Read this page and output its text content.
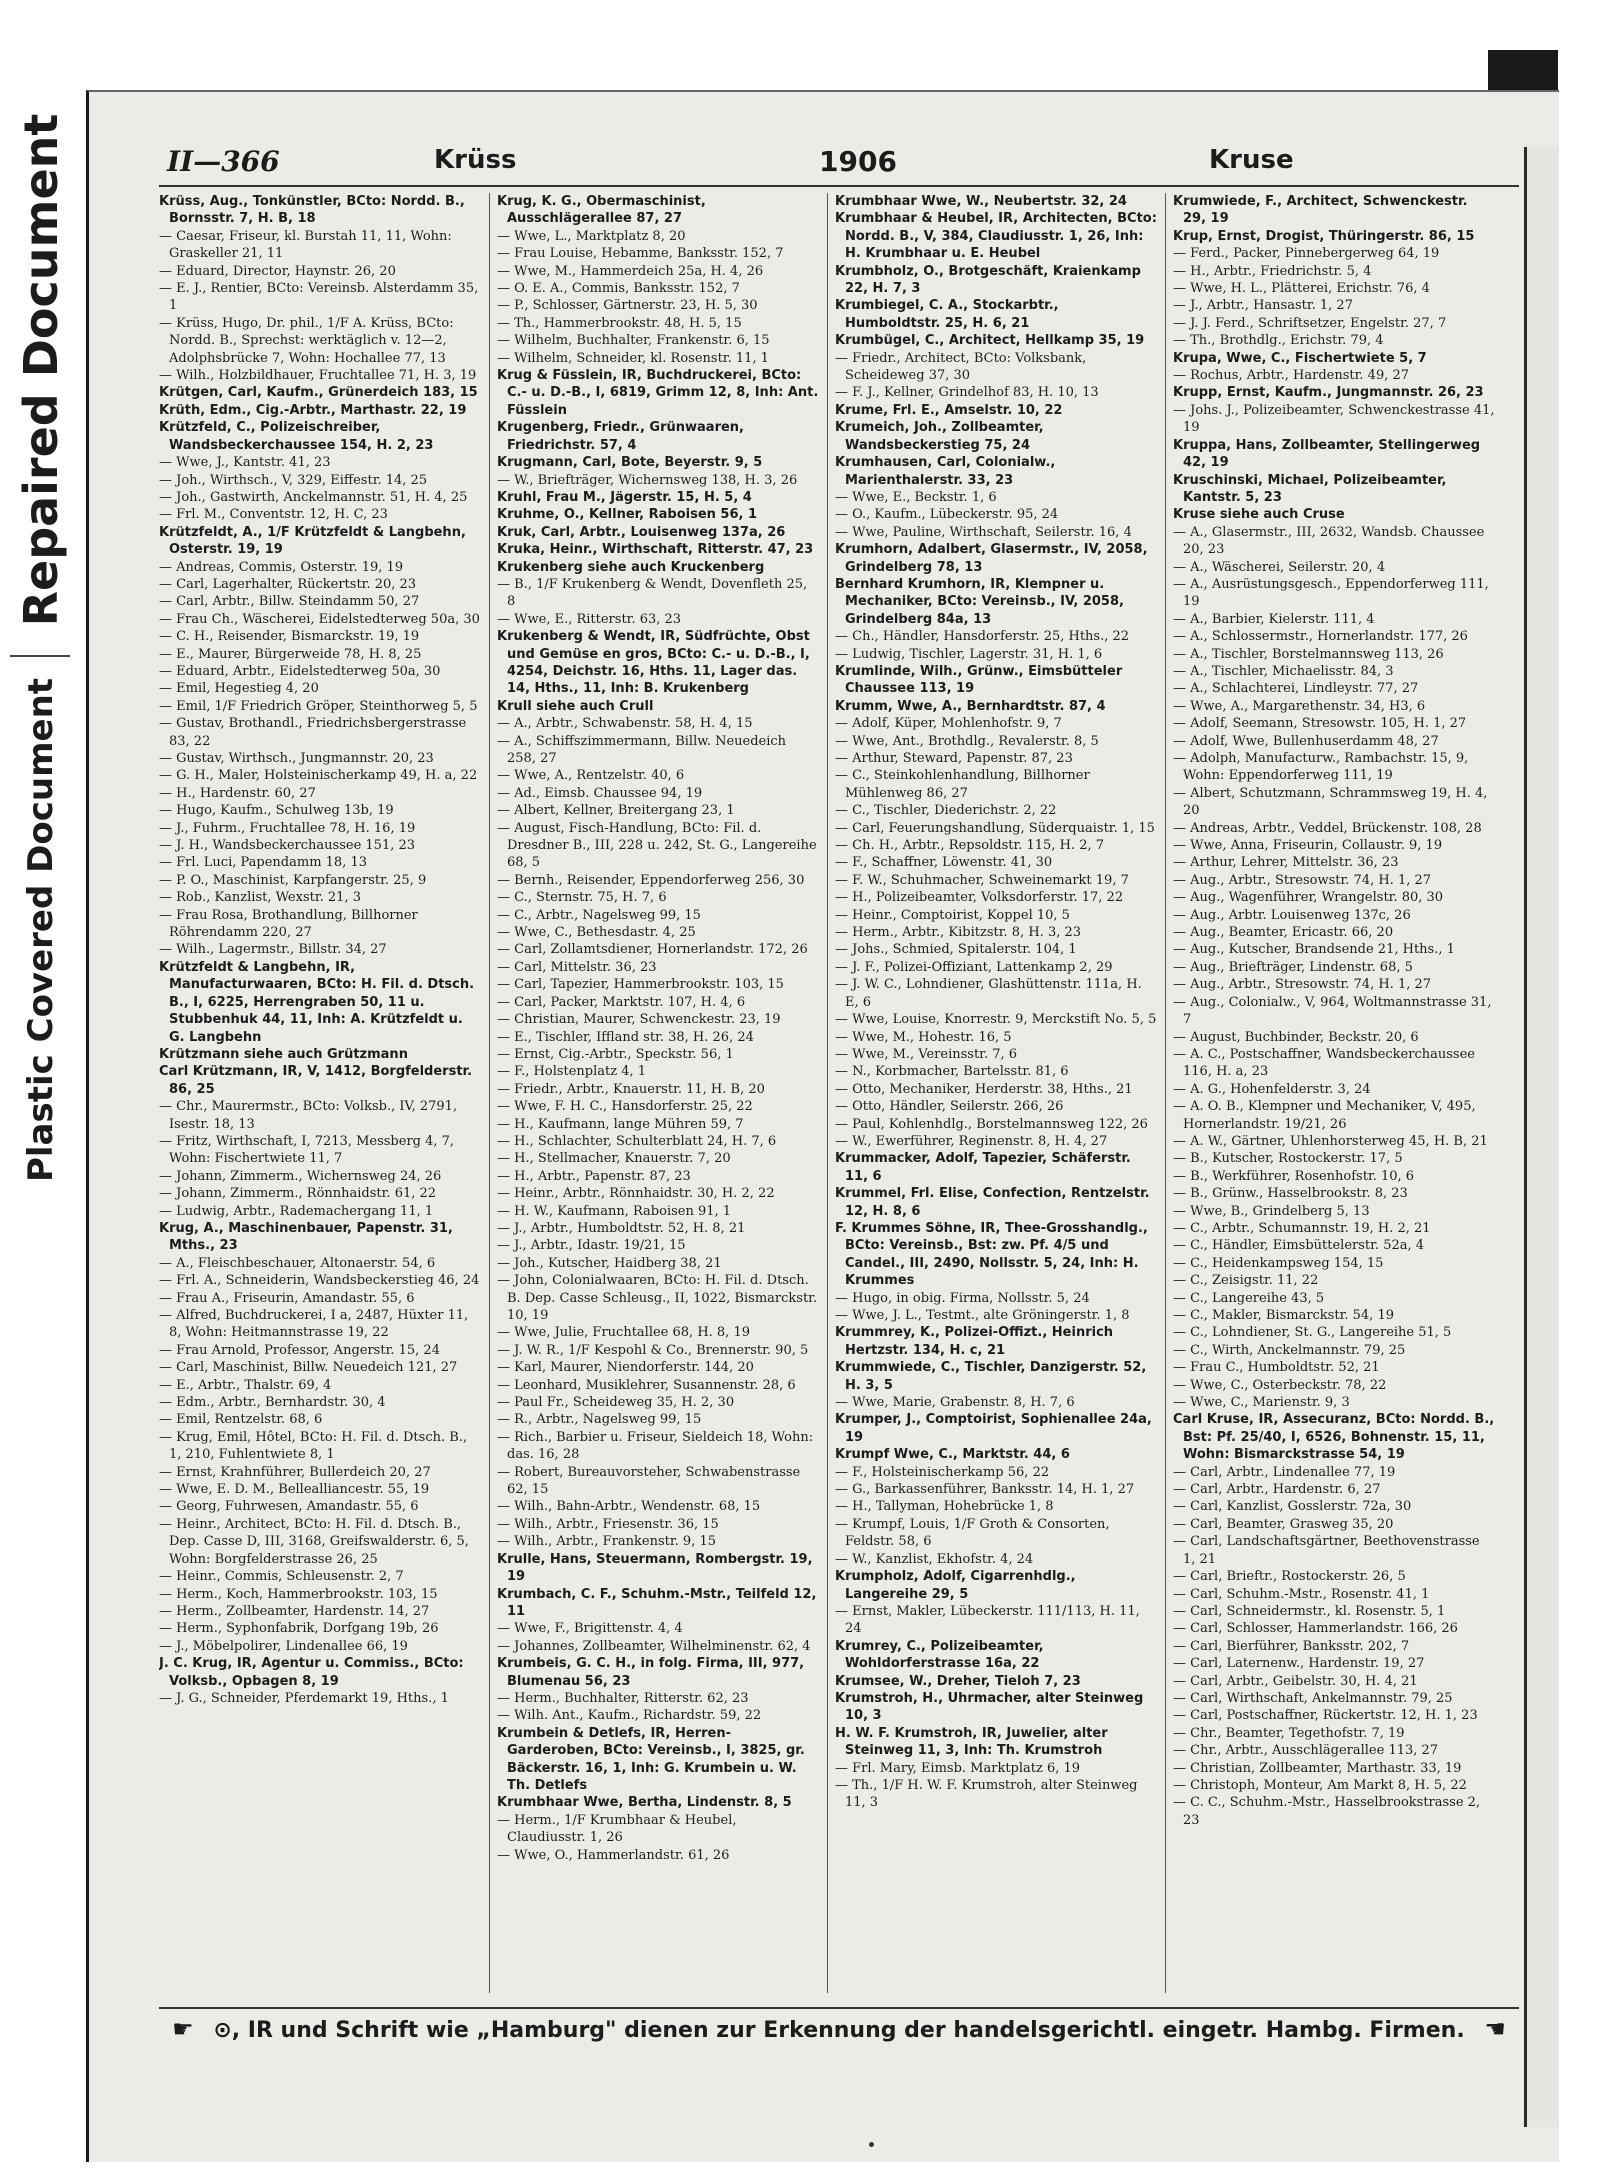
Repaired Document
Plastic Covered Document
II—366	Krüss	1906	Kruse

Krüss, Aug., Tonkünstler, BCto: Nordd. B., Bornsstr. 7, H. B, 18

— Caesar, Friseur, kl. Burstah 11, 11, Wohn: Graskeller 21, 11

— Eduard, Director, Haynstr. 26, 20

— E. J., Rentier, BCto: Vereinsb. Alsterdamm 35, 1

— Krüss, Hugo, Dr. phil., 1/F A. Krüss, BCto: Nordd. B., Sprechst: werktäglich v. 12—2, Adolphsbrücke 7, Wohn: Hochallee 77, 13

— Wilh., Holzbildhauer, Fruchtallee 71, H. 3, 19

Krütgen, Carl, Kaufm., Grünerdeich 183, 15

Krüth, Edm., Cig.-Arbtr., Marthastr. 22, 19

Krützfeld, C., Polizeischreiber, Wandsbeckerchaussee 154, H. 2, 23

— Wwe, J., Kantstr. 41, 23

— Joh., Wirthsch., V, 329, Eiffestr. 14, 25

— Joh., Gastwirth, Anckelmannstr. 51, H. 4, 25

— Frl. M., Conventstr. 12, H. C, 23

Krützfeldt, A., 1/F Krützfeldt & Langbehn, Osterstr. 19, 19

— Andreas, Commis, Osterstr. 19, 19

— Carl, Lagerhalter, Rückertstr. 20, 23

— Carl, Arbtr., Billw. Steindamm 50, 27

— Frau Ch., Wäscherei, Eidelstedterweg 50a, 30

— C. H., Reisender, Bismarckstr. 19, 19

— E., Maurer, Bürgerweide 78, H. 8, 25

— Eduard, Arbtr., Eidelstedterweg 50a, 30

— Emil, Hegestieg 4, 20

— Emil, 1/F Friedrich Gröper, Steinthorweg 5, 5

— Gustav, Brothandl., Friedrichsbergerstrasse 83, 22

— Gustav, Wirthsch., Jungmannstr. 20, 23

— G. H., Maler, Holsteinischerkamp 49, H. a, 22

— H., Hardenstr. 60, 27

— Hugo, Kaufm., Schulweg 13b, 19

— J., Fuhrm., Fruchtallee 78, H. 16, 19

— J. H., Wandsbeckerchaussee 151, 23

— Frl. Luci, Papendamm 18, 13

— P. O., Maschinist, Karpfangerstr. 25, 9

— Rob., Kanzlist, Wexstr. 21, 3

— Frau Rosa, Brothandlung, Billhorner Röhrendamm 220, 27

— Wilh., Lagermstr., Billstr. 34, 27

Krützfeldt & Langbehn, IR, Manufacturwaaren, BCto: H. Fil. d. Dtsch. B., I, 6225, Herrengraben 50, 11 u. Stubbenhuk 44, 11, Inh: A. Krützfeldt u. G. Langbehn

Krützmann siehe auch Grützmann

Carl Krützmann, IR, V, 1412, Borgfelderstr. 86, 25

— Chr., Maurermstr., BCto: Volksb., IV, 2791, Isestr. 18, 13

— Fritz, Wirthschaft, I, 7213, Messberg 4, 7, Wohn: Fischertwiete 11, 7

— Johann, Zimmerm., Wichernsweg 24, 26

— Johann, Zimmerm., Rönnhaidstr. 61, 22

— Ludwig, Arbtr., Rademachergang 11, 1

Krug, A., Maschinenbauer, Papenstr. 31, Mths., 23

— A., Fleischbeschauer, Altonaerstr. 54, 6

— Frl. A., Schneiderin, Wandsbeckerstieg 46, 24

— Frau A., Friseurin, Amandastr. 55, 6

— Alfred, Buchdruckerei, I a, 2487, Hüxter 11, 8, Wohn: Heitmannstrasse 19, 22

— Frau Arnold, Professor, Angerstr. 15, 24

— Carl, Maschinist, Billw. Neuedeich 121, 27

— E., Arbtr., Thalstr. 69, 4

— Edm., Arbtr., Bernhardstr. 30, 4

— Emil, Rentzelstr. 68, 6

— Krug, Emil, Hôtel, BCto: H. Fil. d. Dtsch. B., 1, 210, Fuhlentwiete 8, 1

— Ernst, Krahnführer, Bullerdeich 20, 27

— Wwe, E. D. M., Bellealliancestr. 55, 19

— Georg, Fuhrwesen, Amandastr. 55, 6

— Heinr., Architect, BCto: H. Fil. d. Dtsch. B., Dep. Casse D, III, 3168, Greifswalderstr. 6, 5, Wohn: Borgfelderstrasse 26, 25

— Heinr., Commis, Schleusenstr. 2, 7

— Herm., Koch, Hammerbrookstr. 103, 15

— Herm., Zollbeamter, Hardenstr. 14, 27

— Herm., Syphonfabrik, Dorfgang 19b, 26

— J., Möbelpolirer, Lindenallee 66, 19

J. C. Krug, IR, Agentur u. Commiss., BCto: Volksb., Opbagen 8, 19

— J. G., Schneider, Pferdemarkt 19, Hths., 1

Krug, K. G., Obermaschinist, Ausschlägerallee 87, 27

— Wwe, L., Marktplatz 8, 20

— Frau Louise, Hebamme, Banksstr. 152, 7

— Wwe, M., Hammerdeich 25a, H. 4, 26

— O. E. A., Commis, Banksstr. 152, 7

— P., Schlosser, Gärtnerstr. 23, H. 5, 30

— Th., Hammerbrookstr. 48, H. 5, 15

— Wilhelm, Buchhalter, Frankenstr. 6, 15

— Wilhelm, Schneider, kl. Rosenstr. 11, 1

Krug & Füsslein, IR, Buchdruckerei, BCto: C.- u. D.-B., I, 6819, Grimm 12, 8, Inh: Ant. Füsslein

Krugenberg, Friedr., Grünwaaren, Friedrichstr. 57, 4

Krugmann, Carl, Bote, Beyerstr. 9, 5

— W., Briefträger, Wichernsweg 138, H. 3, 26

Kruhl, Frau M., Jägerstr. 15, H. 5, 4

Kruhme, O., Kellner, Raboisen 56, 1

Kruk, Carl, Arbtr., Louisenweg 137a, 26

Kruka, Heinr., Wirthschaft, Ritterstr. 47, 23

Krukenberg siehe auch Kruckenberg

— B., 1/F Krukenberg & Wendt, Dovenfleth 25, 8

— Wwe, E., Ritterstr. 63, 23

Krukenberg & Wendt, IR, Südfrüchte, Obst und Gemüse en gros, BCto: C.- u. D.-B., I, 4254, Deichstr. 16, Hths. 11, Lager das. 14, Hths., 11, Inh: B. Krukenberg

Krull siehe auch Crull

— A., Arbtr., Schwabenstr. 58, H. 4, 15

— A., Schiffszimmermann, Billw. Neuedeich 258, 27

— Wwe, A., Rentzelstr. 40, 6

— Ad., Eimsb. Chaussee 94, 19

— Albert, Kellner, Breitergang 23, 1

— August, Fisch-Handlung, BCto: Fil. d. Dresdner B., III, 228 u. 242, St. G., Langereihe 68, 5

— Bernh., Reisender, Eppendorferweg 256, 30

— C., Sternstr. 75, H. 7, 6

— C., Arbtr., Nagelsweg 99, 15

— Wwe, C., Bethesdastr. 4, 25

— Carl, Zollamtsdiener, Hornerlandstr. 172, 26

— Carl, Mittelstr. 36, 23

— Carl, Tapezier, Hammerbrookstr. 103, 15

— Carl, Packer, Marktstr. 107, H. 4, 6

— Christian, Maurer, Schwenckestr. 23, 19

— E., Tischler, Iffland str. 38, H. 26, 24

— Ernst, Cig.-Arbtr., Speckstr. 56, 1

— F., Holstenplatz 4, 1

— Friedr., Arbtr., Knauerstr. 11, H. B, 20

— Wwe, F. H. C., Hansdorferstr. 25, 22

— H., Kaufmann, lange Mühren 59, 7

— H., Schlachter, Schulterblatt 24, H. 7, 6

— H., Stellmacher, Knauerstr. 7, 20

— H., Arbtr., Papenstr. 87, 23

— Heinr., Arbtr., Rönnhaidstr. 30, H. 2, 22

— H. W., Kaufmann, Raboisen 91, 1

— J., Arbtr., Humboldtstr. 52, H. 8, 21

— J., Arbtr., Idastr. 19/21, 15

— Joh., Kutscher, Haidberg 38, 21

— John, Colonialwaaren, BCto: H. Fil. d. Dtsch. B. Dep. Casse Schleusg., II, 1022, Bismarckstr. 10, 19

— Wwe, Julie, Fruchtallee 68, H. 8, 19

— J. W. R., 1/F Kespohl & Co., Brennerstr. 90, 5

— Karl, Maurer, Niendorferstr. 144, 20

— Leonhard, Musiklehrer, Susannenstr. 28, 6

— Paul Fr., Scheideweg 35, H. 2, 30

— R., Arbtr., Nagelsweg 99, 15

— Rich., Barbier u. Friseur, Sieldeich 18, Wohn: das. 16, 28

— Robert, Bureauvorsteher, Schwabenstrasse 62, 15

— Wilh., Bahn-Arbtr., Wendenstr. 68, 15

— Wilh., Arbtr., Friesenstr. 36, 15

— Wilh., Arbtr., Frankenstr. 9, 15

Krulle, Hans, Steuermann, Rombergstr. 19, 19

Krumbach, C. F., Schuhm.-Mstr., Teilfeld 12, 11

— Wwe, F., Brigittenstr. 4, 4

— Johannes, Zollbeamter, Wilhelminenstr. 62, 4

Krumbeis, G. C. H., in folg. Firma, III, 977, Blumenau 56, 23

— Herm., Buchhalter, Ritterstr. 62, 23

— Wilh. Ant., Kaufm., Richardstr. 59, 22

Krumbein & Detlefs, IR, Herren-Garderoben, BCto: Vereinsb., I, 3825, gr. Bäckerstr. 16, 1, Inh: G. Krumbein u. W. Th. Detlefs

Krumbhaar Wwe, Bertha, Lindenstr. 8, 5

— Herm., 1/F Krumbhaar & Heubel, Claudiusstr. 1, 26

— Wwe, O., Hammerlandstr. 61, 26

Krumbhaar Wwe, W., Neubertstr. 32, 24

Krumbhaar & Heubel, IR, Architecten, BCto: Nordd. B., V, 384, Claudiusstr. 1, 26, Inh: H. Krumbhaar u. E. Heubel

Krumbholz, O., Brotgeschäft, Kraienkamp 22, H. 7, 3

Krumbiegel, C. A., Stockarbtr., Humboldtstr. 25, H. 6, 21

Krumbügel, C., Architect, Hellkamp 35, 19

— Friedr., Architect, BCto: Volksbank, Scheideweg 37, 30

— F. J., Kellner, Grindelhof 83, H. 10, 13

Krume, Frl. E., Amselstr. 10, 22

Krumeich, Joh., Zollbeamter, Wandsbeckerstieg 75, 24

Krumhausen, Carl, Colonialw., Marienthalerstr. 33, 23

— Wwe, E., Beckstr. 1, 6

— O., Kaufm., Lübeckerstr. 95, 24

— Wwe, Pauline, Wirthschaft, Seilerstr. 16, 4

Krumhorn, Adalbert, Glasermstr., IV, 2058, Grindelberg 78, 13

Bernhard Krumhorn, IR, Klempner u. Mechaniker, BCto: Vereinsb., IV, 2058, Grindelberg 84a, 13

— Ch., Händler, Hansdorferstr. 25, Hths., 22

— Ludwig, Tischler, Lagerstr. 31, H. 1, 6

Krumlinde, Wilh., Grünw., Eimsbütteler Chaussee 113, 19

Krumm, Wwe, A., Bernhardtstr. 87, 4

— Adolf, Küper, Mohlenhofstr. 9, 7

— Wwe, Ant., Brothdlg., Revalerstr. 8, 5

— Arthur, Steward, Papenstr. 87, 23

— C., Steinkohlenhandlung, Billhorner Mühlenweg 86, 27

— C., Tischler, Diederichstr. 2, 22

— Carl, Feuerungshandlung, Süderquaistr. 1, 15

— Ch. H., Arbtr., Repsoldstr. 115, H. 2, 7

— F., Schaffner, Löwenstr. 41, 30

— F. W., Schuhmacher, Schweinemarkt 19, 7

— H., Polizeibeamter, Volksdorferstr. 17, 22

— Heinr., Comptoirist, Koppel 10, 5

— Herm., Arbtr., Kibitzstr. 8, H. 3, 23

— Johs., Schmied, Spitalerstr. 104, 1

— J. F., Polizei-Offiziant, Lattenkamp 2, 29

— J. W. C., Lohndiener, Glashüttenstr. 111a, H. E, 6

— Wwe, Louise, Knorrestr. 9, Merckstift No. 5, 5

— Wwe, M., Hohestr. 16, 5

— Wwe, M., Vereinsstr. 7, 6

— N., Korbmacher, Bartelsstr. 81, 6

— Otto, Mechaniker, Herderstr. 38, Hths., 21

— Otto, Händler, Seilerstr. 266, 26

— Paul, Kohlenhdlg., Borstelmannsweg 122, 26

— W., Ewerführer, Reginenstr. 8, H. 4, 27

Krummacker, Adolf, Tapezier, Schäferstr. 11, 6

Krummel, Frl. Elise, Confection, Rentzelstr. 12, H. 8, 6

F. Krummes Söhne, IR, Thee-Grosshandlg., BCto: Vereinsb., Bst: zw. Pf. 4/5 und Candel., III, 2490, Nollsstr. 5, 24, Inh: H. Krummes

— Hugo, in obig. Firma, Nollsstr. 5, 24

— Wwe, J. L., Testmt., alte Gröningerstr. 1, 8

Krummrey, K., Polizei-Offizt., Heinrich Hertzstr. 134, H. c, 21

Krummwiede, C., Tischler, Danzigerstr. 52, H. 3, 5

— Wwe, Marie, Grabenstr. 8, H. 7, 6

Krumper, J., Comptoirist, Sophienallee 24a, 19

Krumpf Wwe, C., Marktstr. 44, 6

— F., Holsteinischerkamp 56, 22

— G., Barkassenführer, Banksstr. 14, H. 1, 27

— H., Tallyman, Hohebrücke 1, 8

— Krumpf, Louis, 1/F Groth & Consorten, Feldstr. 58, 6

— W., Kanzlist, Ekhofstr. 4, 24

Krumpholz, Adolf, Cigarrenhdlg., Langereihe 29, 5

— Ernst, Makler, Lübeckerstr. 111/113, H. 11, 24

Krumrey, C., Polizeibeamter, Wohldorferstrasse 16a, 22

Krumsee, W., Dreher, Tieloh 7, 23

Krumstroh, H., Uhrmacher, alter Steinweg 10, 3

H. W. F. Krumstroh, IR, Juwelier, alter Steinweg 11, 3, Inh: Th. Krumstroh

— Frl. Mary, Eimsb. Marktplatz 6, 19

— Th., 1/F H. W. F. Krumstroh, alter Steinweg 11, 3

Krumwiede, F., Architect, Schwenckestr. 29, 19

Krup, Ernst, Drogist, Thüringerstr. 86, 15

— Ferd., Packer, Pinnebergerweg 64, 19

— H., Arbtr., Friedrichstr. 5, 4

— Wwe, H. L., Plätterei, Erichstr. 76, 4

— J., Arbtr., Hansastr. 1, 27

— J. J. Ferd., Schriftsetzer, Engelstr. 27, 7

— Th., Brothdlg., Erichstr. 79, 4

Krupa, Wwe, C., Fischertwiete 5, 7

— Rochus, Arbtr., Hardenstr. 49, 27

Krupp, Ernst, Kaufm., Jungmannstr. 26, 23

— Johs. J., Polizeibeamter, Schwenckestrasse 41, 19

Kruppa, Hans, Zollbeamter, Stellingerweg 42, 19

Kruschinski, Michael, Polizeibeamter, Kantstr. 5, 23

Kruse siehe auch Cruse

— A., Glasermstr., III, 2632, Wandsb. Chaussee 20, 23

— A., Wäscherei, Seilerstr. 20, 4

— A., Ausrüstungsgesch., Eppendorferweg 111, 19

— A., Barbier, Kielerstr. 111, 4

— A., Schlossermstr., Hornerlandstr. 177, 26

— A., Tischler, Borstelmannsweg 113, 26

— A., Tischler, Michaelisstr. 84, 3

— A., Schlachterei, Lindleystr. 77, 27

— Wwe, A., Margarethenstr. 34, H3, 6

— Adolf, Seemann, Stresowstr. 105, H. 1, 27

— Adolf, Wwe, Bullenhuserdamm 48, 27

— Adolph, Manufacturw., Rambachstr. 15, 9, Wohn: Eppendorferweg 111, 19

— Albert, Schutzmann, Schrammsweg 19, H. 4, 20

— Andreas, Arbtr., Veddel, Brückenstr. 108, 28

— Wwe, Anna, Friseurin, Collaustr. 9, 19

— Arthur, Lehrer, Mittelstr. 36, 23

— Aug., Arbtr., Stresowstr. 74, H. 1, 27

— Aug., Wagenführer, Wrangelstr. 80, 30

— Aug., Arbtr. Louisenweg 137c, 26

— Aug., Beamter, Ericastr. 66, 20

— Aug., Kutscher, Brandsende 21, Hths., 1

— Aug., Briefträger, Lindenstr. 68, 5

— Aug., Arbtr., Stresowstr. 74, H. 1, 27

— Aug., Colonialw., V, 964, Woltmannstrasse 31, 7

— August, Buchbinder, Beckstr. 20, 6

— A. C., Postschaffner, Wandsbeckerchaussee 116, H. a, 23

— A. G., Hohenfelderstr. 3, 24

— A. O. B., Klempner und Mechaniker, V, 495, Hornerlandstr. 19/21, 26

— A. W., Gärtner, Uhlenhorsterweg 45, H. B, 21

— B., Kutscher, Rostockerstr. 17, 5

— B., Werkführer, Rosenhofstr. 10, 6

— B., Grünw., Hasselbrookstr. 8, 23

— Wwe, B., Grindelberg 5, 13

— C., Arbtr., Schumannstr. 19, H. 2, 21

— C., Händler, Eimsbüttelerstr. 52a, 4

— C., Heidenkampsweg 154, 15

— C., Zeisigstr. 11, 22

— C., Langereihe 43, 5

— C., Makler, Bismarckstr. 54, 19

— C., Lohndiener, St. G., Langereihe 51, 5

— C., Wirth, Anckelmannstr. 79, 25

— Frau C., Humboldtstr. 52, 21

— Wwe, C., Osterbeckstr. 78, 22

— Wwe, C., Marienstr. 9, 3

Carl Kruse, IR, Assecuranz, BCto: Nordd. B., Bst: Pf. 25/40, I, 6526, Bohnenstr. 15, 11, Wohn: Bismarckstrasse 54, 19

— Carl, Arbtr., Lindenallee 77, 19

— Carl, Arbtr., Hardenstr. 6, 27

— Carl, Kanzlist, Gosslerstr. 72a, 30

— Carl, Beamter, Grasweg 35, 20

— Carl, Landschaftsgärtner, Beethovenstrasse 1, 21

— Carl, Brieftr., Rostockerstr. 26, 5

— Carl, Schuhm.-Mstr., Rosenstr. 41, 1

— Carl, Schneidermstr., kl. Rosenstr. 5, 1

— Carl, Schlosser, Hammerlandstr. 166, 26

— Carl, Bierführer, Banksstr. 202, 7

— Carl, Laternenw., Hardenstr. 19, 27

— Carl, Arbtr., Geibelstr. 30, H. 4, 21

— Carl, Wirthschaft, Ankelmannstr. 79, 25

— Carl, Postschaffner, Rückertstr. 12, H. 1, 23

— Chr., Beamter, Tegethofstr. 7, 19

— Chr., Arbtr., Ausschlägerallee 113, 27

— Christian, Zollbeamter, Marthastr. 33, 19

— Christoph, Monteur, Am Markt 8, H. 5, 22

— C. C., Schuhm.-Mstr., Hasselbrookstrasse 2, 23

☛ ⊙, IR und Schrift wie „Hamburg" dienen zur Erkennung der handelsgerichtl. eingetr. Hambg. Firmen. ☚
